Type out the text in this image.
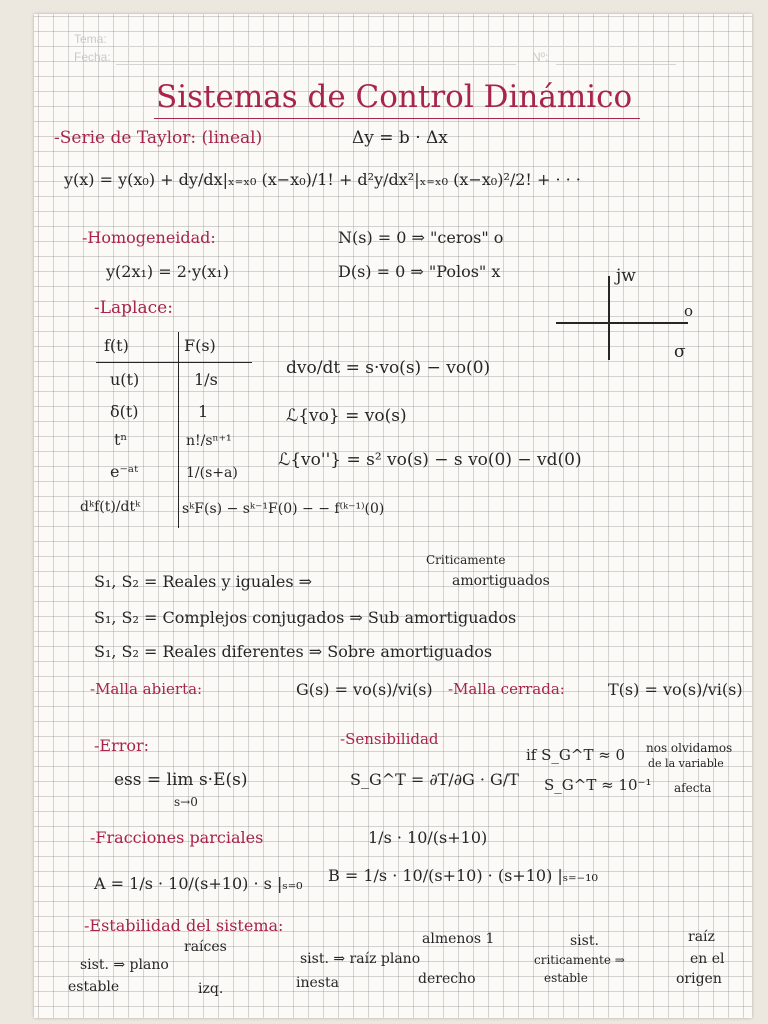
Tema:
Fecha:	Nº:
Sistemas de Control Dinámico
-Serie de Taylor: (lineal)	Δy = b · Δx
y(x) = y(x₀) + dy/dx|ₓ₌ₓ₀ (x−x₀)/1! + d²y/dx²|ₓ₌ₓ₀ (x−x₀)²/2! + · · ·
-Homogeneidad:	N(s) = 0 ⇒ "ceros" o
y(2x₁) = 2·y(x₁)	D(s) = 0 ⇒ "Polos" x	jw
σ
o
-Laplace:
f(t)	F(s)
u(t)	1/s
δ(t)	1
tⁿ	n!/sⁿ⁺¹
e⁻ᵃᵗ	1/(s+a)
dᵏf(t)/dtᵏ	sᵏF(s) − sᵏ⁻¹F(0) − − f⁽ᵏ⁻¹⁾(0)
dvo/dt = s·vo(s) − vo(0)
ℒ{vo} = vo(s)
ℒ{vo''} = s² vo(s) − s vo(0) − vd(0)
Criticamente
S₁, S₂ = Reales y iguales ⇒	amortiguados
S₁, S₂ = Complejos conjugados ⇒ Sub amortiguados
S₁, S₂ = Reales diferentes ⇒ Sobre amortiguados
-Malla abierta:	G(s) = vo(s)/vi(s) -Malla cerrada:	T(s) = vo(s)/vi(s)
-Error:	-Sensibilidad	nos olvidamos
de la variable
if S_G^T ≈ 0
ess = lim s·E(s)
s→0
S_G^T = ∂T/∂G · G/T S_G^T ≈ 10⁻¹ afecta
-Fracciones parciales	1/s · 10/(s+10)
A = 1/s · 10/(s+10) · s |ₛ₌₀ B = 1/s · 10/(s+10) · (s+10) |ₛ₌₋₁₀
-Estabilidad del sistema:
raíces
sist. ⇒ plano
estable	izq.
almenos 1
sist. ⇒ raíz plano
inesta	derecho
sist.
criticamente ⇒
estable
raíz
en el
origen
